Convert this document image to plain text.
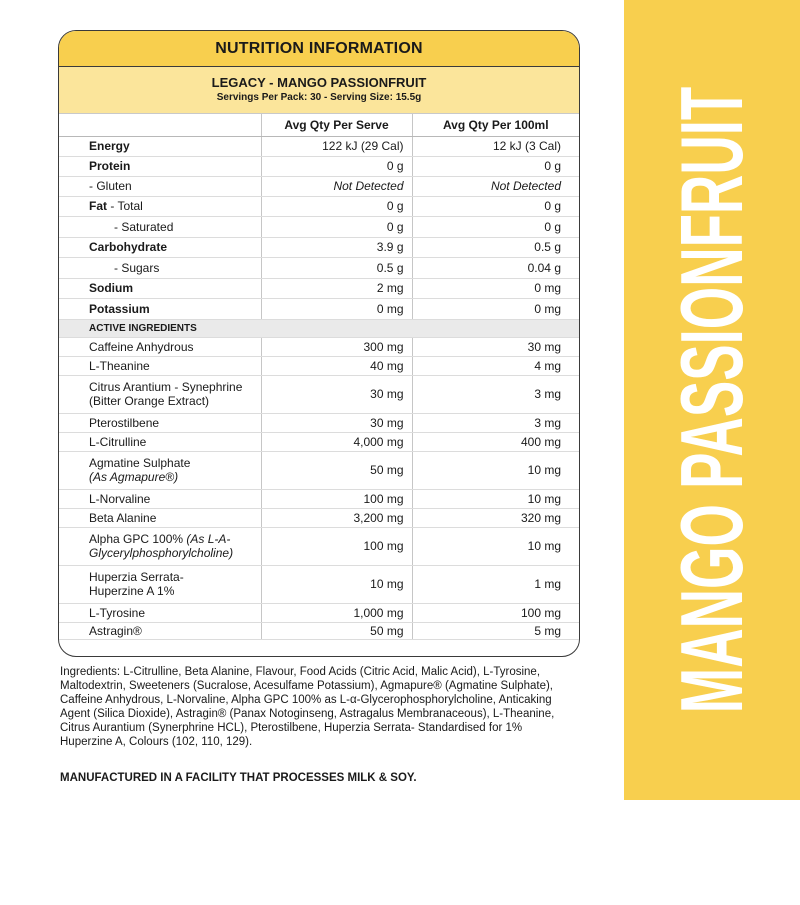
MANGO PASSIONFRUIT
NUTRITION INFORMATION
LEGACY - MANGO PASSIONFRUIT
Servings Per Pack: 30 - Serving Size: 15.5g
	Avg Qty Per Serve	Avg Qty Per 100ml
Energy	122 kJ (29 Cal)	12 kJ (3 Cal)
Protein	0 g	0 g
- Gluten	Not Detected	Not Detected
Fat - Total	0 g	0 g
- Saturated	0 g	0 g
Carbohydrate	3.9 g	0.5 g
- Sugars	0.5 g	0.04 g
Sodium	2 mg	0 mg
Potassium	0 mg	0 mg
ACTIVE INGREDIENTS		
Caffeine Anhydrous	300 mg	30 mg
L-Theanine	40 mg	4 mg
Citrus Arantium - Synephrine
(Bitter Orange Extract)	30 mg	3 mg
Pterostilbene	30 mg	3 mg
L-Citrulline	4,000 mg	400 mg
Agmatine Sulphate
(As Agmapure®)	50 mg	10 mg
L-Norvaline	100 mg	10 mg
Beta Alanine	3,200 mg	320 mg
Alpha GPC 100% (As L-A-
Glycerylphosphorylcholine)	100 mg	10 mg
Huperzia Serrata-
Huperzine A 1%	10 mg	1 mg
L-Tyrosine	1,000 mg	100 mg
Astragin®	50 mg	5 mg
Ingredients: L-Citrulline, Beta Alanine, Flavour, Food Acids (Citric Acid, Malic Acid), L-Tyrosine, Maltodextrin, Sweeteners (Sucralose, Acesulfame Potassium), Agmapure® (Agmatine Sulphate), Caffeine Anhydrous, L-Norvaline, Alpha GPC 100% as L-α-Glycerophosphorylcholine, Anticaking Agent (Silica Dioxide), Astragin® (Panax Notoginseng, Astragalus Membranaceous), L-Theanine, Citrus Aurantium (Synerphrine HCL), Pterostilbene, Huperzia Serrata- Standardised for 1% Huperzine A, Colours (102, 110, 129).
MANUFACTURED IN A FACILITY THAT PROCESSES MILK & SOY.
